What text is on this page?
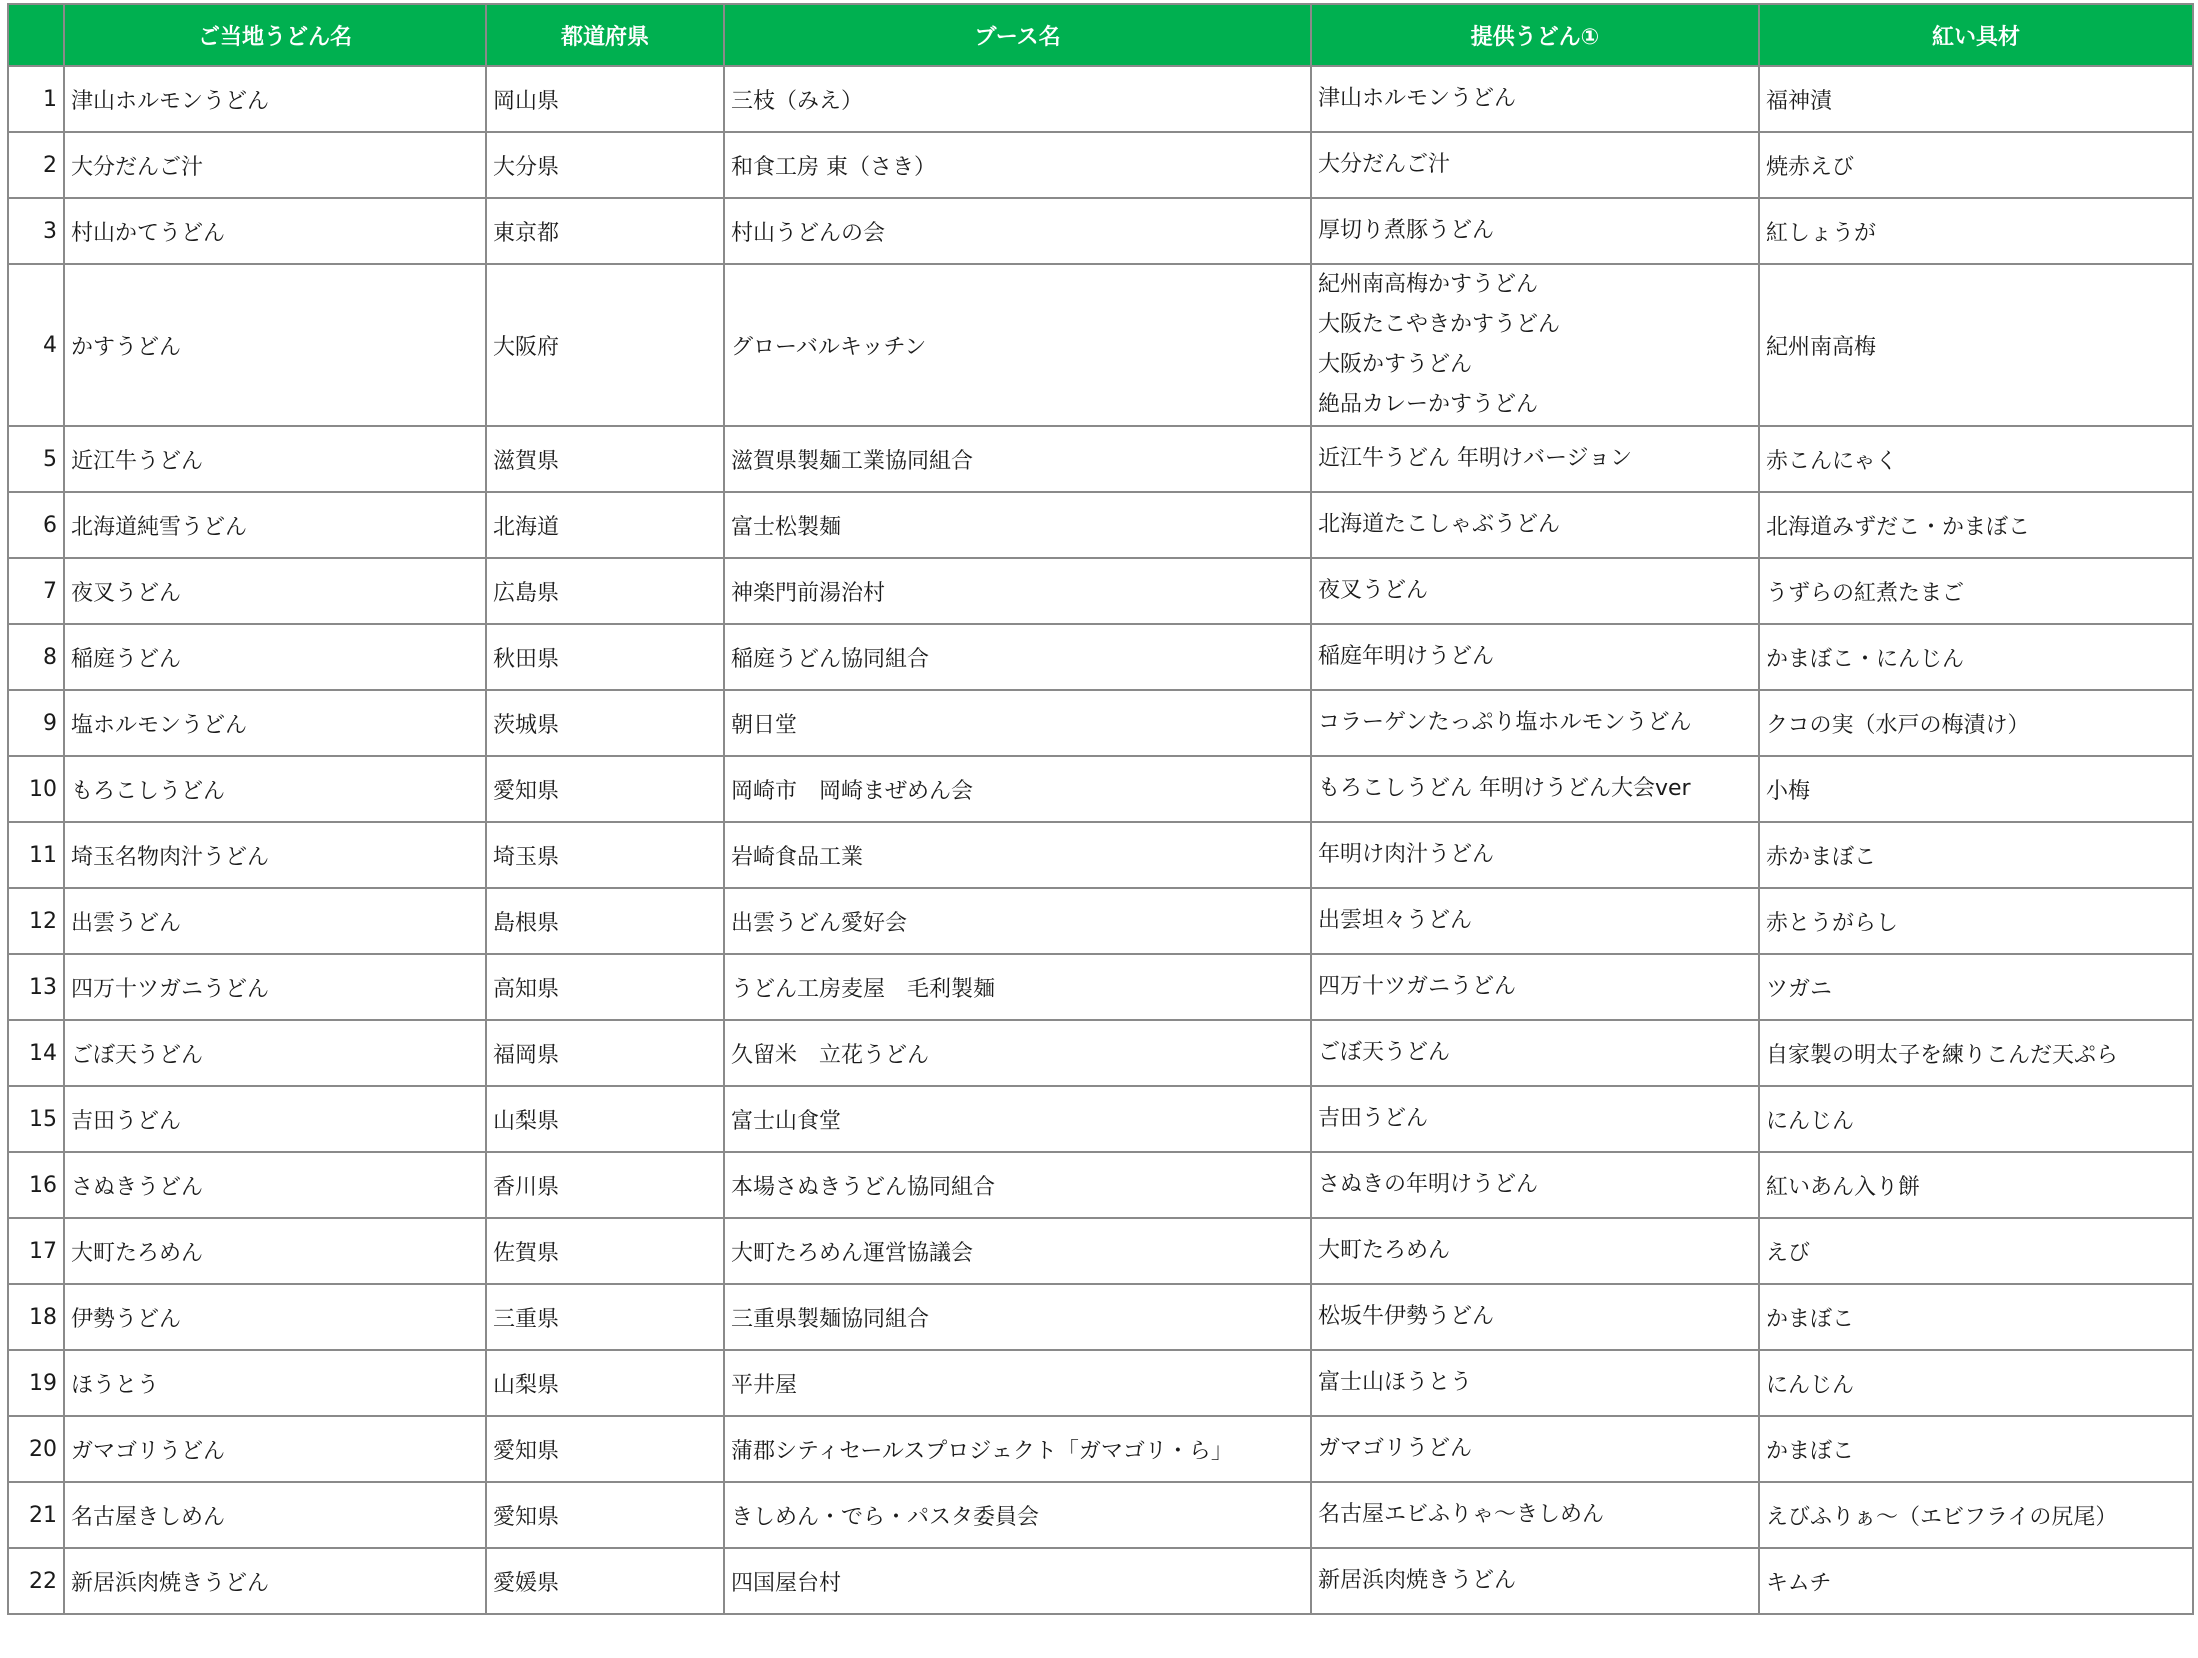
	ご当地うどん名	都道府県	ブース名	提供うどん①	紅い具材
1	津山ホルモンうどん	岡山県	三枝（みえ）	津山ホルモンうどん	福神漬
2	大分だんご汁	大分県	和食工房 東（さき）	大分だんご汁	焼赤えび
3	村山かてうどん	東京都	村山うどんの会	厚切り煮豚うどん	紅しょうが
4	かすうどん	大阪府	グローバルキッチン	紀州南高梅かすうどん
大阪たこやきかすうどん
大阪かすうどん
絶品カレーかすうどん	紀州南高梅
5	近江牛うどん	滋賀県	滋賀県製麺工業協同組合	近江牛うどん 年明けバージョン	赤こんにゃく
6	北海道純雪うどん	北海道	富士松製麺	北海道たこしゃぶうどん	北海道みずだこ・かまぼこ
7	夜叉うどん	広島県	神楽門前湯治村	夜叉うどん	うずらの紅煮たまご
8	稲庭うどん	秋田県	稲庭うどん協同組合	稲庭年明けうどん	かまぼこ・にんじん
9	塩ホルモンうどん	茨城県	朝日堂	コラーゲンたっぷり塩ホルモンうどん	クコの実（水戸の梅漬け）
10	もろこしうどん	愛知県	岡崎市　岡崎まぜめん会	もろこしうどん 年明けうどん大会ver	小梅
11	埼玉名物肉汁うどん	埼玉県	岩崎食品工業	年明け肉汁うどん	赤かまぼこ
12	出雲うどん	島根県	出雲うどん愛好会	出雲坦々うどん	赤とうがらし
13	四万十ツガニうどん	高知県	うどん工房麦屋　毛利製麺	四万十ツガニうどん	ツガニ
14	ごぼ天うどん	福岡県	久留米　立花うどん	ごぼ天うどん	自家製の明太子を練りこんだ天ぷら
15	吉田うどん	山梨県	富士山食堂	吉田うどん	にんじん
16	さぬきうどん	香川県	本場さぬきうどん協同組合	さぬきの年明けうどん	紅いあん入り餅
17	大町たろめん	佐賀県	大町たろめん運営協議会	大町たろめん	えび
18	伊勢うどん	三重県	三重県製麺協同組合	松坂牛伊勢うどん	かまぼこ
19	ほうとう	山梨県	平井屋	富士山ほうとう	にんじん
20	ガマゴリうどん	愛知県	蒲郡シティセールスプロジェクト「ガマゴリ・ら」	ガマゴリうどん	かまぼこ
21	名古屋きしめん	愛知県	きしめん・でら・パスタ委員会	名古屋エビふりゃ〜きしめん	えびふりぁ〜（エビフライの尻尾）
22	新居浜肉焼きうどん	愛媛県	四国屋台村	新居浜肉焼きうどん	キムチ
